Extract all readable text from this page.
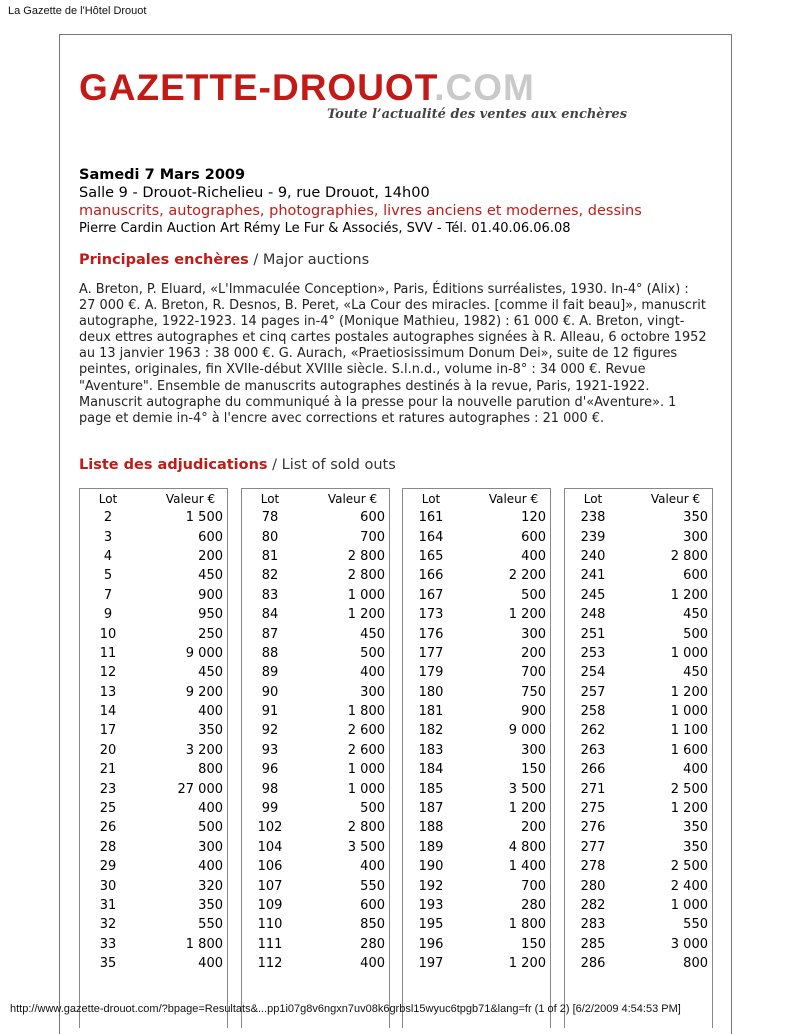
La Gazette de l'Hôtel Drouot
GAZETTE-DROUOT.COM
Toute l’actualité des ventes aux enchères
Samedi 7 Mars 2009
Salle 9 - Drouot-Richelieu - 9, rue Drouot, 14h00
manuscrits, autographes, photographies, livres anciens et modernes, dessins
Pierre Cardin Auction Art Rémy Le Fur & Associés, SVV - Tél. 01.40.06.06.08
Principales enchères / Major auctions
A. Breton, P. Eluard, «L'Immaculée Conception», Paris, Éditions surréalistes, 1930. In-4° (Alix) : 27 000 €. A. Breton, R. Desnos, B. Peret, «La Cour des miracles. [comme il fait beau]», manuscrit autographe, 1922-1923. 14 pages in-4° (Monique Mathieu, 1982) : 61 000 €. A. Breton, vingt-deux ettres autographes et cinq cartes postales autographes signées à R. Alleau, 6 octobre 1952 au 13 janvier 1963 : 38 000 €. G. Aurach, «Praetiosissimum Donum Dei», suite de 12 figures peintes, originales, fin XVIIe-début XVIIIe siècle. S.l.n.d., volume in-8° : 34 000 €. Revue "Aventure". Ensemble de manuscrits autographes destinés à la revue, Paris, 1921-1922. Manuscrit autographe du communiqué à la presse pour la nouvelle parution d'«Aventure». 1 page et demie in-4° à l'encre avec corrections et ratures autographes : 21 000 €.
Liste des adjudications / List of sold outs
Lot	Valeur €
2	1 500
3	600
4	200
5	450
7	900
9	950
10	250
11	9 000
12	450
13	9 200
14	400
17	350
20	3 200
21	800
23	27 000
25	400
26	500
28	300
29	400
30	320
31	350
32	550
33	1 800
35	400
Lot	Valeur €
78	600
80	700
81	2 800
82	2 800
83	1 000
84	1 200
87	450
88	500
89	400
90	300
91	1 800
92	2 600
93	2 600
96	1 000
98	1 000
99	500
102	2 800
104	3 500
106	400
107	550
109	600
110	850
111	280
112	400
Lot	Valeur €
161	120
164	600
165	400
166	2 200
167	500
173	1 200
176	300
177	200
179	700
180	750
181	900
182	9 000
183	300
184	150
185	3 500
187	1 200
188	200
189	4 800
190	1 400
192	700
193	280
195	1 800
196	150
197	1 200
Lot	Valeur €
238	350
239	300
240	2 800
241	600
245	1 200
248	450
251	500
253	1 000
254	450
257	1 200
258	1 000
262	1 100
263	1 600
266	400
271	2 500
275	1 200
276	350
277	350
278	2 500
280	2 400
282	1 000
283	550
285	3 000
286	800
http://www.gazette-drouot.com/?bpage=Resultats&...pp1i07g8v6ngxn7uv08k6grbsl15wyuc6tpgb71&lang=fr (1 of 2) [6/2/2009 4:54:53 PM]
